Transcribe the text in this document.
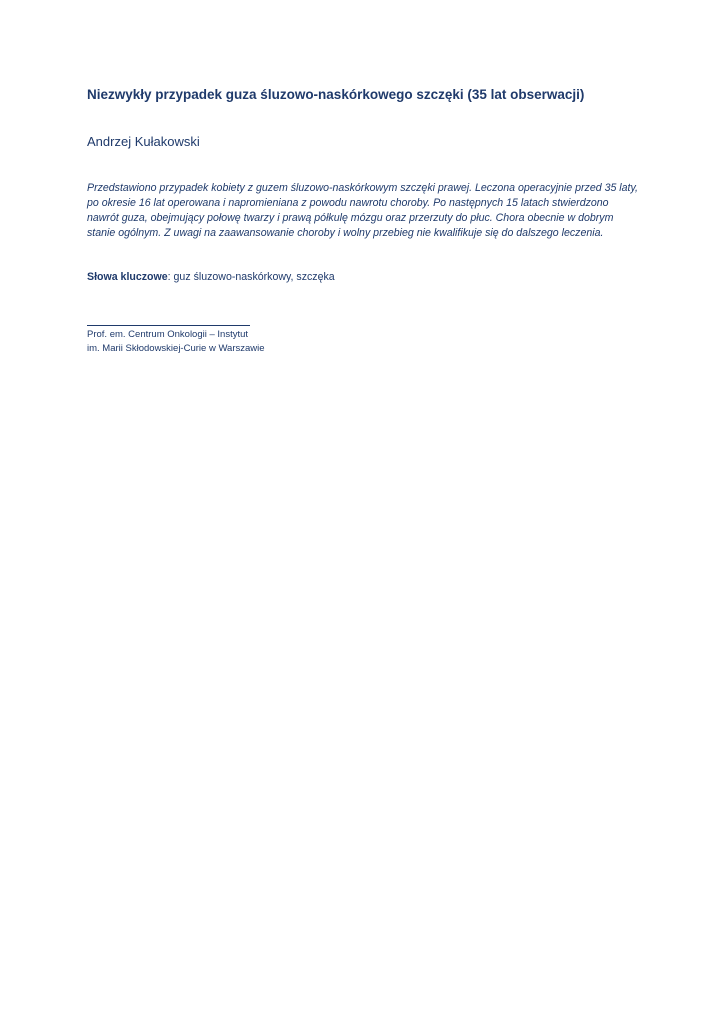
Niezwykły przypadek guza śluzowo-naskórkowego szczęki (35 lat obserwacji)
Andrzej Kułakowski

Przedstawiono przypadek kobiety z guzem śluzowo-naskórkowym szczęki prawej. Leczona operacyjnie przed 35 laty, po okresie 16 lat operowana i napromieniana z powodu nawrotu choroby. Po następnych 15 latach stwierdzono nawrót guza, obejmujący połowę twarzy i prawą półkulę mózgu oraz przerzuty do płuc. Chora obecnie w dobrym stanie ogólnym. Z uwagi na zaawansowanie choroby i wolny przebieg nie kwalifikuje się do dalszego leczenia.

Słowa kluczowe: guz śluzowo-naskórkowy, szczęka
Prof. em. Centrum Onkologii – Instytut
im. Marii Skłodowskiej-Curie w Warszawie
